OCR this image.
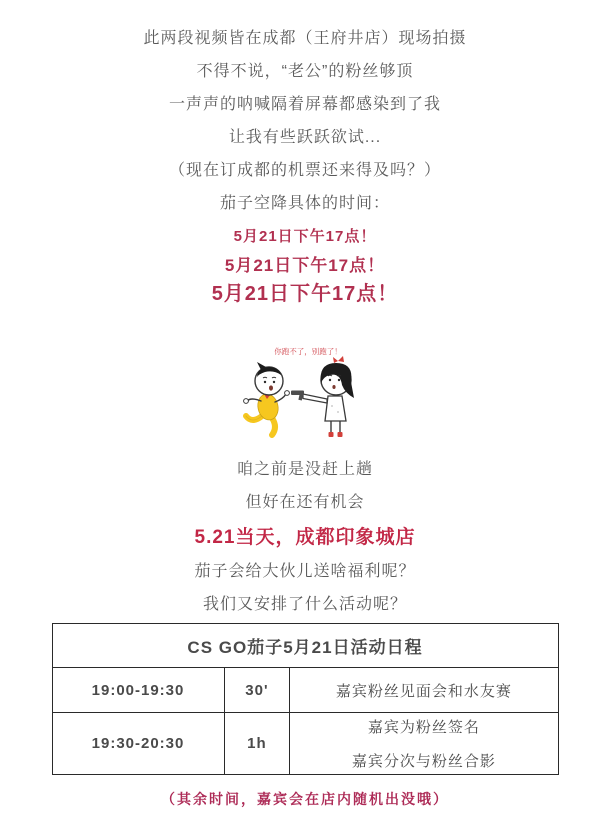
此两段视频皆在成都（王府井店）现场拍摄

不得不说，“老公”的粉丝够顶

一声声的呐喊隔着屏幕都感染到了我

让我有些跃跃欲试...

（现在订成都的机票还来得及吗？）

茄子空降具体的时间：

5月21日下午17点！

5月21日下午17点！

5月21日下午17点！

你跑不了，别跑了！

咱之前是没赶上趟

但好在还有机会

5.21当天，成都印象城店

茄子会给大伙儿送啥福利呢？

我们又安排了什么活动呢？

CS GO茄子5月21日活动日程		
19:00-19:30	30'	嘉宾粉丝见面会和水友赛

19:30-20:30	1h	嘉宾为粉丝签名
嘉宾分次与粉丝合影

（其余时间，嘉宾会在店内随机出没哦）
